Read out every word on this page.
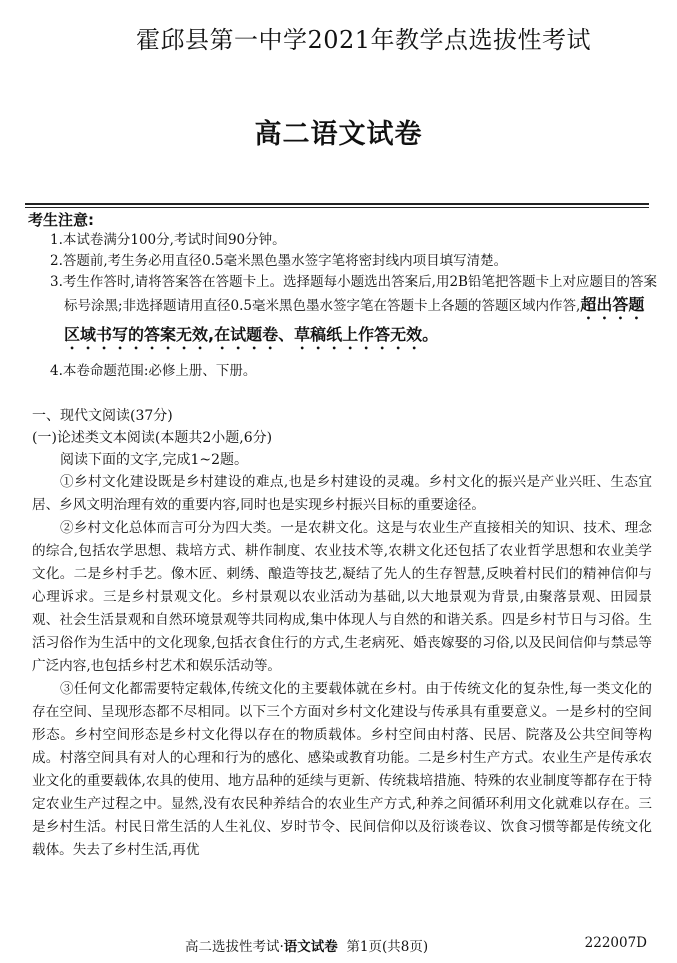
霍邱县第一中学2021年教学点选拔性考试
高二语文试卷
考生注意:
1.本试卷满分100分,考试时间90分钟。
2.答题前,考生务必用直径0.5毫米黑色墨水签字笔将密封线内项目填写清楚。
3.考生作答时,请将答案答在答题卡上。选择题每小题选出答案后,用2B铅笔把答题卡上对应题目的答案标号涂黑;非选择题请用直径0.5毫米黑色墨水签字笔在答题卡上各题的答题区域内作答,超出答题区域书写的答案无效,在试题卷、草稿纸上作答无效。
4.本卷命题范围:必修上册、下册。
一、现代文阅读(37分)
(一)论述类文本阅读(本题共2小题,6分)
阅读下面的文字,完成1~2题。

①乡村文化建设既是乡村建设的难点,也是乡村建设的灵魂。乡村文化的振兴是产业兴旺、生态宜居、乡风文明治理有效的重要内容,同时也是实现乡村振兴目标的重要途径。

②乡村文化总体而言可分为四大类。一是农耕文化。这是与农业生产直接相关的知识、技术、理念的综合,包括农学思想、栽培方式、耕作制度、农业技术等,农耕文化还包括了农业哲学思想和农业美学文化。二是乡村手艺。像木匠、刺绣、酿造等技艺,凝结了先人的生存智慧,反映着村民们的精神信仰与心理诉求。三是乡村景观文化。乡村景观以农业活动为基础,以大地景观为背景,由聚落景观、田园景观、社会生活景观和自然环境景观等共同构成,集中体现人与自然的和谐关系。四是乡村节日与习俗。生活习俗作为生活中的文化现象,包括衣食住行的方式,生老病死、婚丧嫁娶的习俗,以及民间信仰与禁忌等广泛内容,也包括乡村艺术和娱乐活动等。

③任何文化都需要特定载体,传统文化的主要载体就在乡村。由于传统文化的复杂性,每一类文化的存在空间、呈现形态都不尽相同。以下三个方面对乡村文化建设与传承具有重要意义。一是乡村的空间形态。乡村空间形态是乡村文化得以存在的物质载体。乡村空间由村落、民居、院落及公共空间等构成。村落空间具有对人的心理和行为的感化、感染或教育功能。二是乡村生产方式。农业生产是传承农业文化的重要载体,农具的使用、地方品种的延续与更新、传统栽培措施、特殊的农业制度等都存在于特定农业生产过程之中。显然,没有农民种养结合的农业生产方式,种养之间循环利用文化就难以存在。三是乡村生活。村民日常生活的人生礼仪、岁时节令、民间信仰以及衍谈卷议、饮食习惯等都是传统文化载体。失去了乡村生活,再优

高二选拔性考试·语文试卷 第1页(共8页)	222007D
